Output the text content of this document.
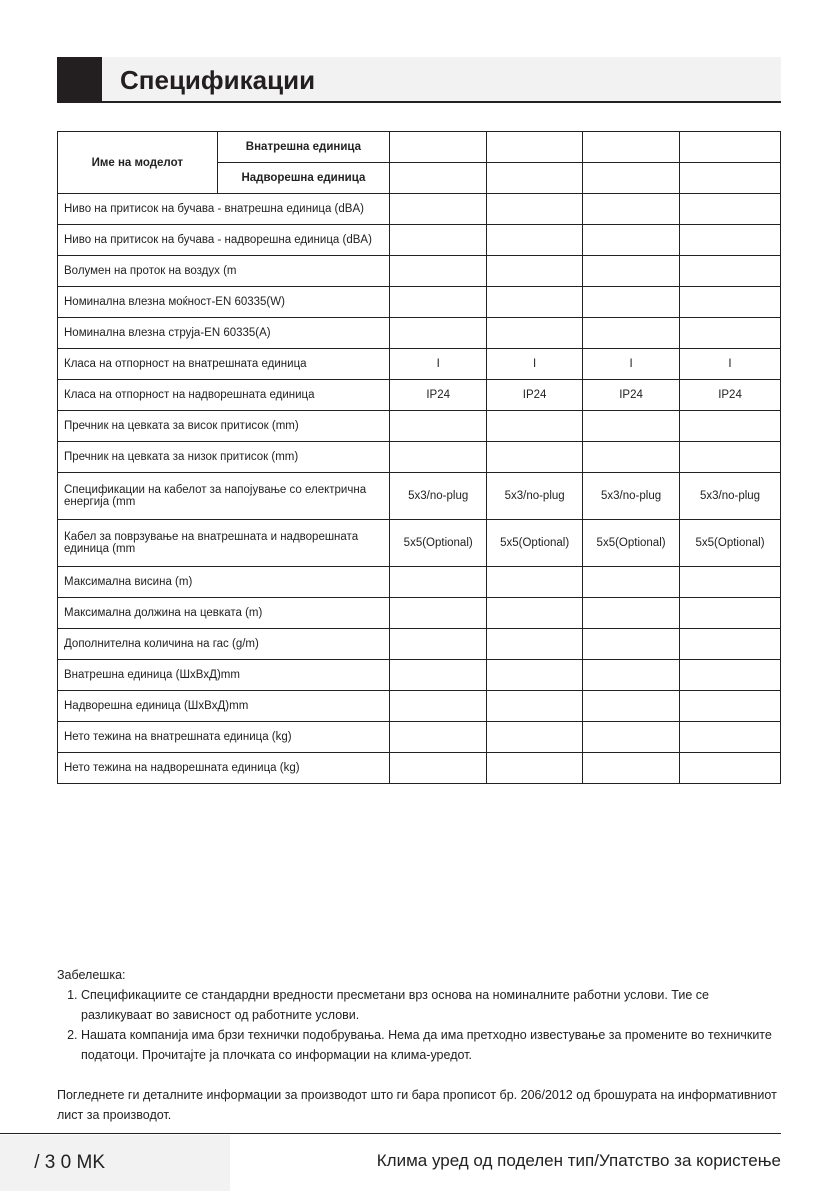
Спецификации
Име на моделот	Внатрешна единица				
	Надворешна единица				
Ниво на притисок на бучава - внатрешна единица (dBA)					
Ниво на притисок на бучава - надворешна единица (dBA)					
Волумен на проток на воздух (m					
Номинална влезна моќност-EN 60335(W)					
Номинална влезна струја-EN 60335(A)					
Класа на отпорност на внатрешната единица		I	I	I	I
Класа на отпорност на надворешната единица		IP24	IP24	IP24	IP24
Пречник на цевката за висок притисок (mm)					
Пречник на цевката за низок притисок (mm)					
Спецификации на кабелот за напојување со електрична енергија (mm		5x3/no-plug	5x3/no-plug	5x3/no-plug	5x3/no-plug
Кабел за поврзување на внатрешната и надворешната единица (mm		5x5(Optional)	5x5(Optional)	5x5(Optional)	5x5(Optional)
Максимална висина (m)					
Максимална должина на цевката (m)					
Дополнителна количина на гас (g/m)					
Внатрешна единица (ШxВxД)mm					
Надворешна единица (ШxВxД)mm					
Нето тежина на внатрешната единица (kg)					
Нето тежина на надворешната единица (kg)					
Забелешка:
1. Спецификациите се стандардни вредности пресметани врз основа на номиналните работни услови. Тие се разликуваат во зависност од работните услови.
2. Нашата компанија има брзи технички подобрувања. Нема да има претходно известување за промените во техничките податоци. Прочитајте ја плочката со информации на клима-уредот.
Погледнете ги деталните информации за производот што ги бара прописот бр. 206/2012 од брошурата на информативниот лист за производот.
/ 3 0 MK	Клима уред од поделен тип/Упатство за користење
